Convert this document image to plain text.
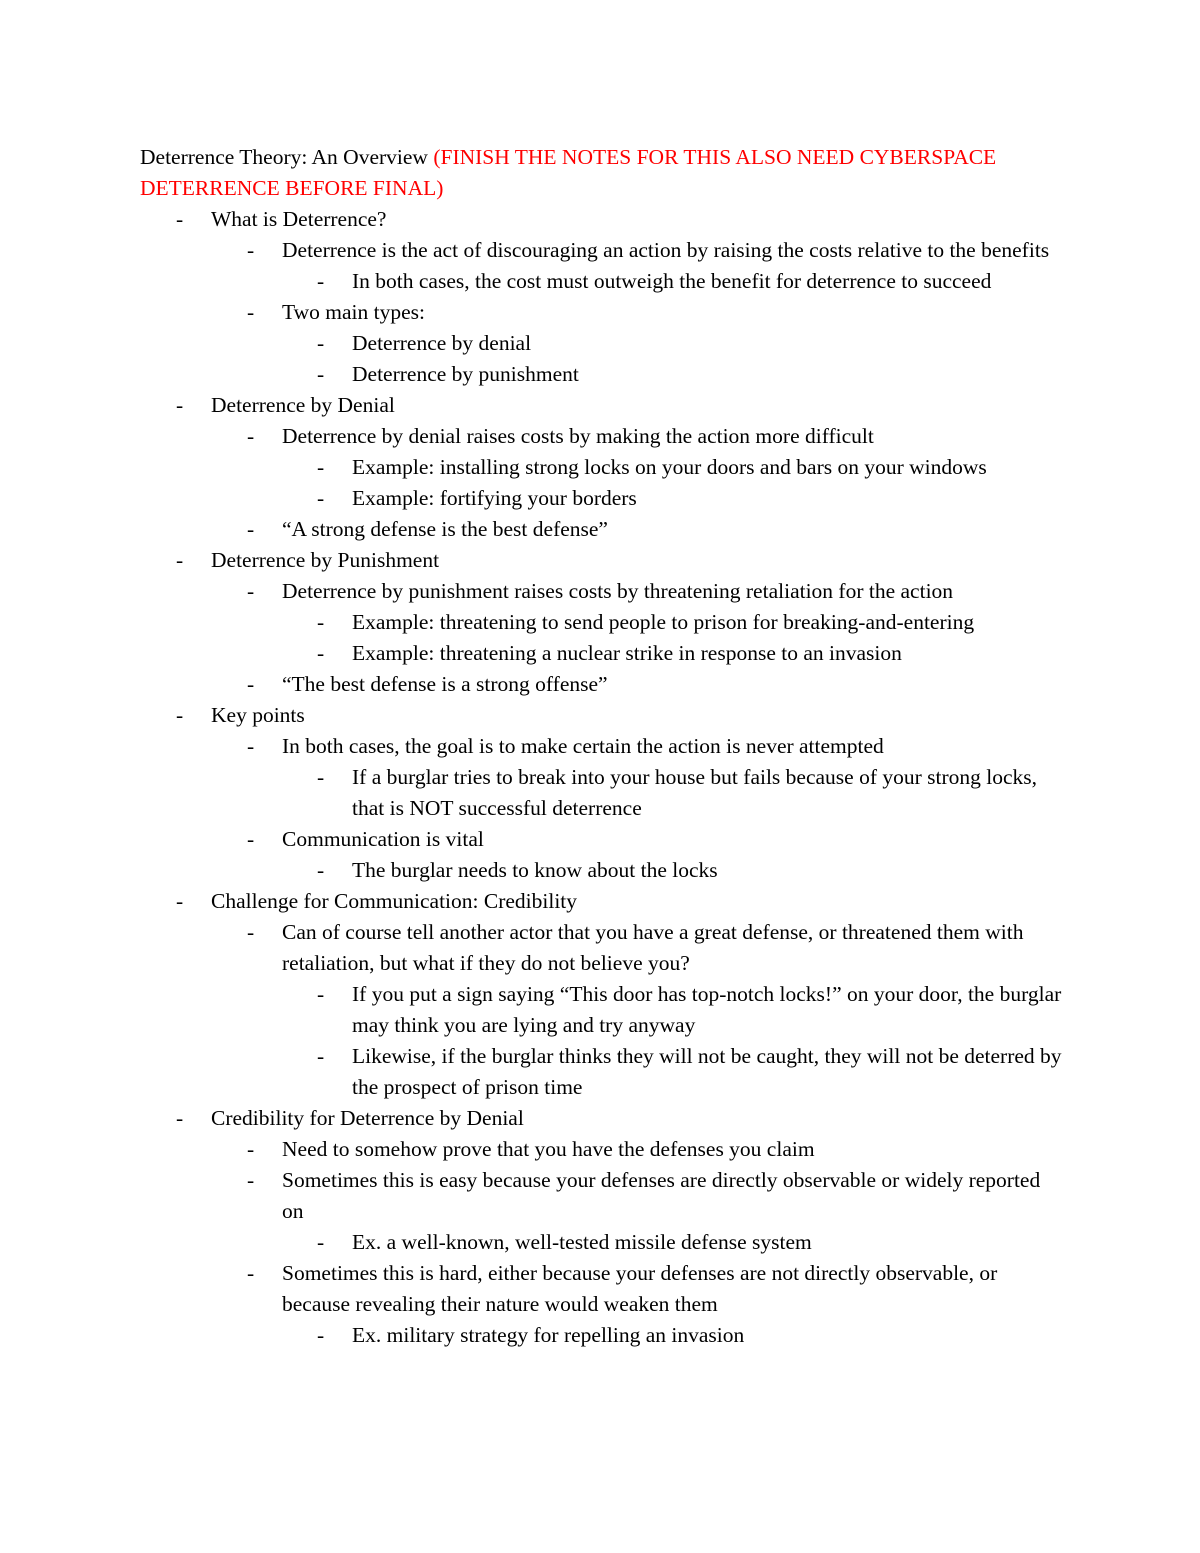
Deterrence Theory: An Overview (FINISH THE NOTES FOR THIS ALSO NEED CYBERSPACE DETERRENCE BEFORE FINAL)

- What is Deterrence?
- Deterrence is the act of discouraging an action by raising the costs relative to the benefits
- In both cases, the cost must outweigh the benefit for deterrence to succeed
- Two main types:
- Deterrence by denial
- Deterrence by punishment
- Deterrence by Denial
- Deterrence by denial raises costs by making the action more difficult
- Example: installing strong locks on your doors and bars on your windows
- Example: fortifying your borders
- “A strong defense is the best defense”
- Deterrence by Punishment
- Deterrence by punishment raises costs by threatening retaliation for the action
- Example: threatening to send people to prison for breaking-and-entering
- Example: threatening a nuclear strike in response to an invasion
- “The best defense is a strong offense”
- Key points
- In both cases, the goal is to make certain the action is never attempted
- If a burglar tries to break into your house but fails because of your strong locks, that is NOT successful deterrence
- Communication is vital
- The burglar needs to know about the locks
- Challenge for Communication: Credibility
- Can of course tell another actor that you have a great defense, or threatened them with retaliation, but what if they do not believe you?
- If you put a sign saying “This door has top-notch locks!” on your door, the burglar may think you are lying and try anyway
- Likewise, if the burglar thinks they will not be caught, they will not be deterred by the prospect of prison time
- Credibility for Deterrence by Denial
- Need to somehow prove that you have the defenses you claim
- Sometimes this is easy because your defenses are directly observable or widely reported on
- Ex. a well-known, well-tested missile defense system
- Sometimes this is hard, either because your defenses are not directly observable, or because revealing their nature would weaken them
- Ex. military strategy for repelling an invasion
